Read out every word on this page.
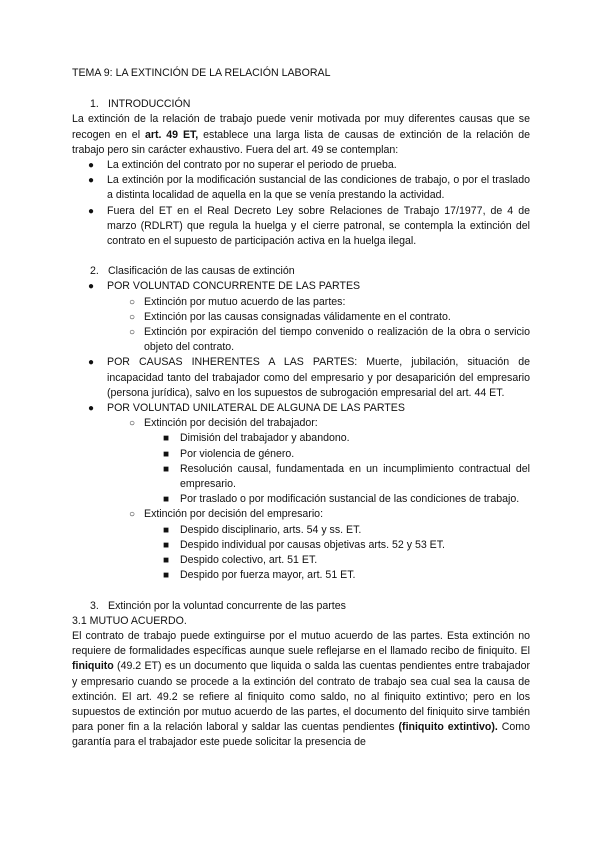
TEMA 9: LA EXTINCIÓN DE LA RELACIÓN LABORAL

1. INTRODUCCIÓN

La extinción de la relación de trabajo puede venir motivada por muy diferentes causas que se recogen en el art. 49 ET, establece una larga lista de causas de extinción de la relación de trabajo pero sin carácter exhaustivo. Fuera del art. 49 se contemplan:

● La extinción del contrato por no superar el periodo de prueba.
● La extinción por la modificación sustancial de las condiciones de trabajo, o por el traslado a distinta localidad de aquella en la que se venía prestando la actividad.
● Fuera del ET en el Real Decreto Ley sobre Relaciones de Trabajo 17/1977, de 4 de marzo (RDLRT) que regula la huelga y el cierre patronal, se contempla la extinción del contrato en el supuesto de participación activa en la huelga ilegal.

2. Clasificación de las causas de extinción

● POR VOLUNTAD CONCURRENTE DE LAS PARTES
○ Extinción por mutuo acuerdo de las partes:
○ Extinción por las causas consignadas válidamente en el contrato.
○ Extinción por expiración del tiempo convenido o realización de la obra o servicio objeto del contrato.
● POR CAUSAS INHERENTES A LAS PARTES: Muerte, jubilación, situación de incapacidad tanto del trabajador como del empresario y por desaparición del empresario (persona jurídica), salvo en los supuestos de subrogación empresarial del art. 44 ET.
● POR VOLUNTAD UNILATERAL DE ALGUNA DE LAS PARTES
○ Extinción por decisión del trabajador:
■ Dimisión del trabajador y abandono.
■ Por violencia de género.
■ Resolución causal, fundamentada en un incumplimiento contractual del empresario.
■ Por traslado o por modificación sustancial de las condiciones de trabajo.
○ Extinción por decisión del empresario:
■ Despido disciplinario, arts. 54 y ss. ET.
■ Despido individual por causas objetivas arts. 52 y 53 ET.
■ Despido colectivo, art. 51 ET.
■ Despido por fuerza mayor, art. 51 ET.

3. Extinción por la voluntad concurrente de las partes

3.1 MUTUO ACUERDO.

El contrato de trabajo puede extinguirse por el mutuo acuerdo de las partes. Esta extinción no requiere de formalidades específicas aunque suele reflejarse en el llamado recibo de finiquito. El finiquito (49.2 ET) es un documento que liquida o salda las cuentas pendientes entre trabajador y empresario cuando se procede a la extinción del contrato de trabajo sea cual sea la causa de extinción. El art. 49.2 se refiere al finiquito como saldo, no al finiquito extintivo; pero en los supuestos de extinción por mutuo acuerdo de las partes, el documento del finiquito sirve también para poner fin a la relación laboral y saldar las cuentas pendientes (finiquito extintivo). Como garantía para el trabajador este puede solicitar la presencia de
